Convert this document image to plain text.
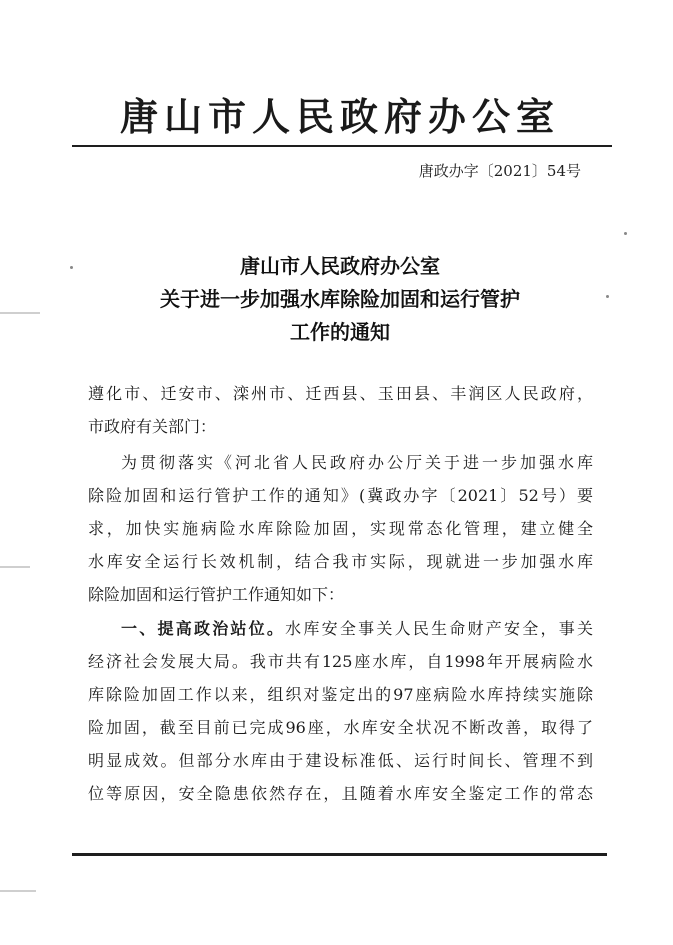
唐山市人民政府办公室
唐政办字〔2021〕54号
唐山市人民政府办公室
关于进一步加强水库除险加固和运行管护
工作的通知
遵化市、迁安市、滦州市、迁西县、玉田县、丰润区人民政府，
市政府有关部门：
为贯彻落实《河北省人民政府办公厅关于进一步加强水库
除险加固和运行管护工作的通知》(冀政办字〔2021〕52号）要
求，加快实施病险水库除险加固，实现常态化管理，建立健全
水库安全运行长效机制，结合我市实际，现就进一步加强水库
除险加固和运行管护工作通知如下：
一、提高政治站位。水库安全事关人民生命财产安全，事关
经济社会发展大局。我市共有125座水库，自1998年开展病险水
库除险加固工作以来，组织对鉴定出的97座病险水库持续实施除
险加固，截至目前已完成96座，水库安全状况不断改善，取得了
明显成效。但部分水库由于建设标准低、运行时间长、管理不到
位等原因，安全隐患依然存在，且随着水库安全鉴定工作的常态
